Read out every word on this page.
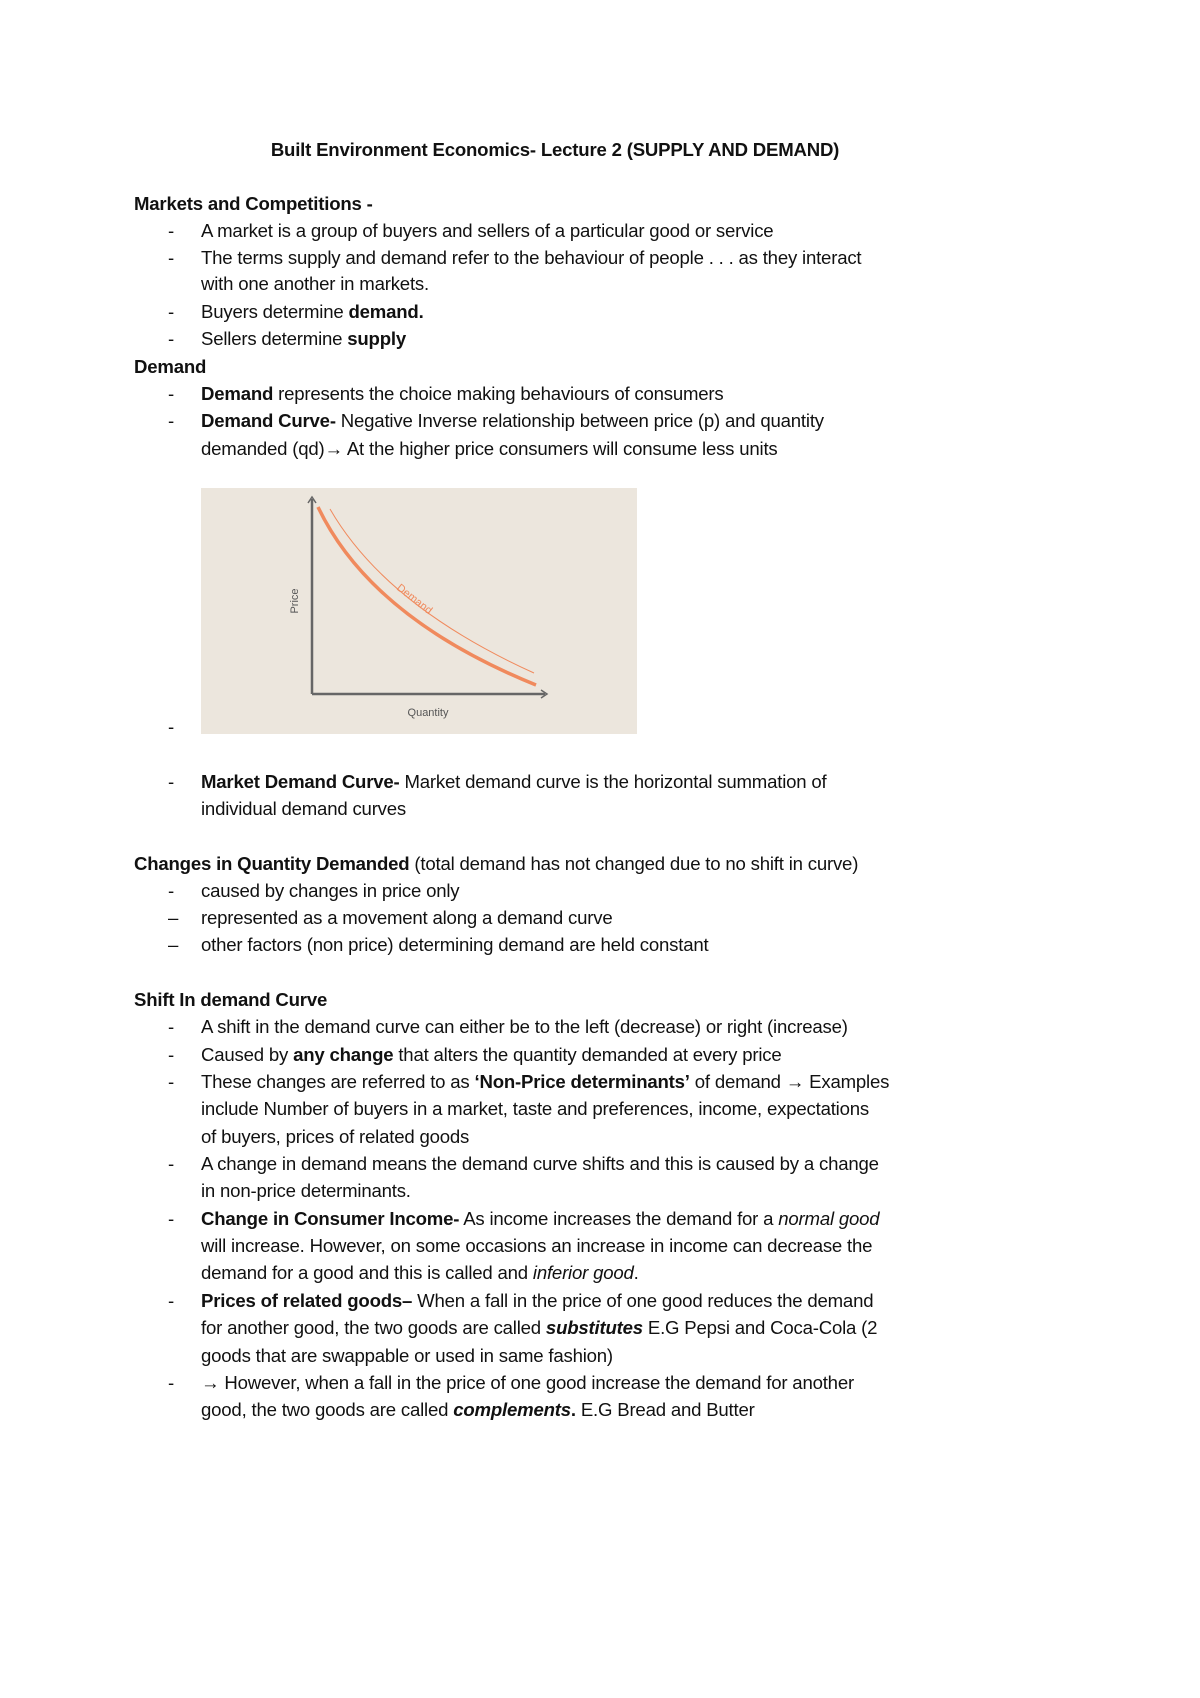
Built Environment Economics- Lecture 2 (SUPPLY AND DEMAND)
Markets and Competitions -
- A market is a group of buyers and sellers of a particular good or service
- The terms supply and demand refer to the behaviour of people . . . as they interact
with one another in markets.
- Buyers determine demand.
- Sellers determine supply
Demand
- Demand represents the choice making behaviours of consumers
- Demand Curve- Negative Inverse relationship between price (p) and quantity
demanded (qd)→ At the higher price consumers will consume less units
-
- Market Demand Curve- Market demand curve is the horizontal summation of
individual demand curves
Changes in Quantity Demanded (total demand has not changed due to no shift in curve)
- caused by changes in price only
– represented as a movement along a demand curve
– other factors (non price) determining demand are held constant
Shift In demand Curve
- A shift in the demand curve can either be to the left (decrease) or right (increase)
- Caused by any change that alters the quantity demanded at every price
- These changes are referred to as ‘Non-Price determinants’ of demand → Examples
include Number of buyers in a market, taste and preferences, income, expectations
of buyers, prices of related goods
- A change in demand means the demand curve shifts and this is caused by a change
in non-price determinants.
- Change in Consumer Income- As income increases the demand for a normal good
will increase. However, on some occasions an increase in income can decrease the
demand for a good and this is called and inferior good.
- Prices of related goods– When a fall in the price of one good reduces the demand
for another good, the two goods are called substitutes E.G Pepsi and Coca-Cola (2
goods that are swappable or used in same fashion)
- → However, when a fall in the price of one good increase the demand for another
good, the two goods are called complements. E.G Bread and Butter
Demand
Price
Quantity
